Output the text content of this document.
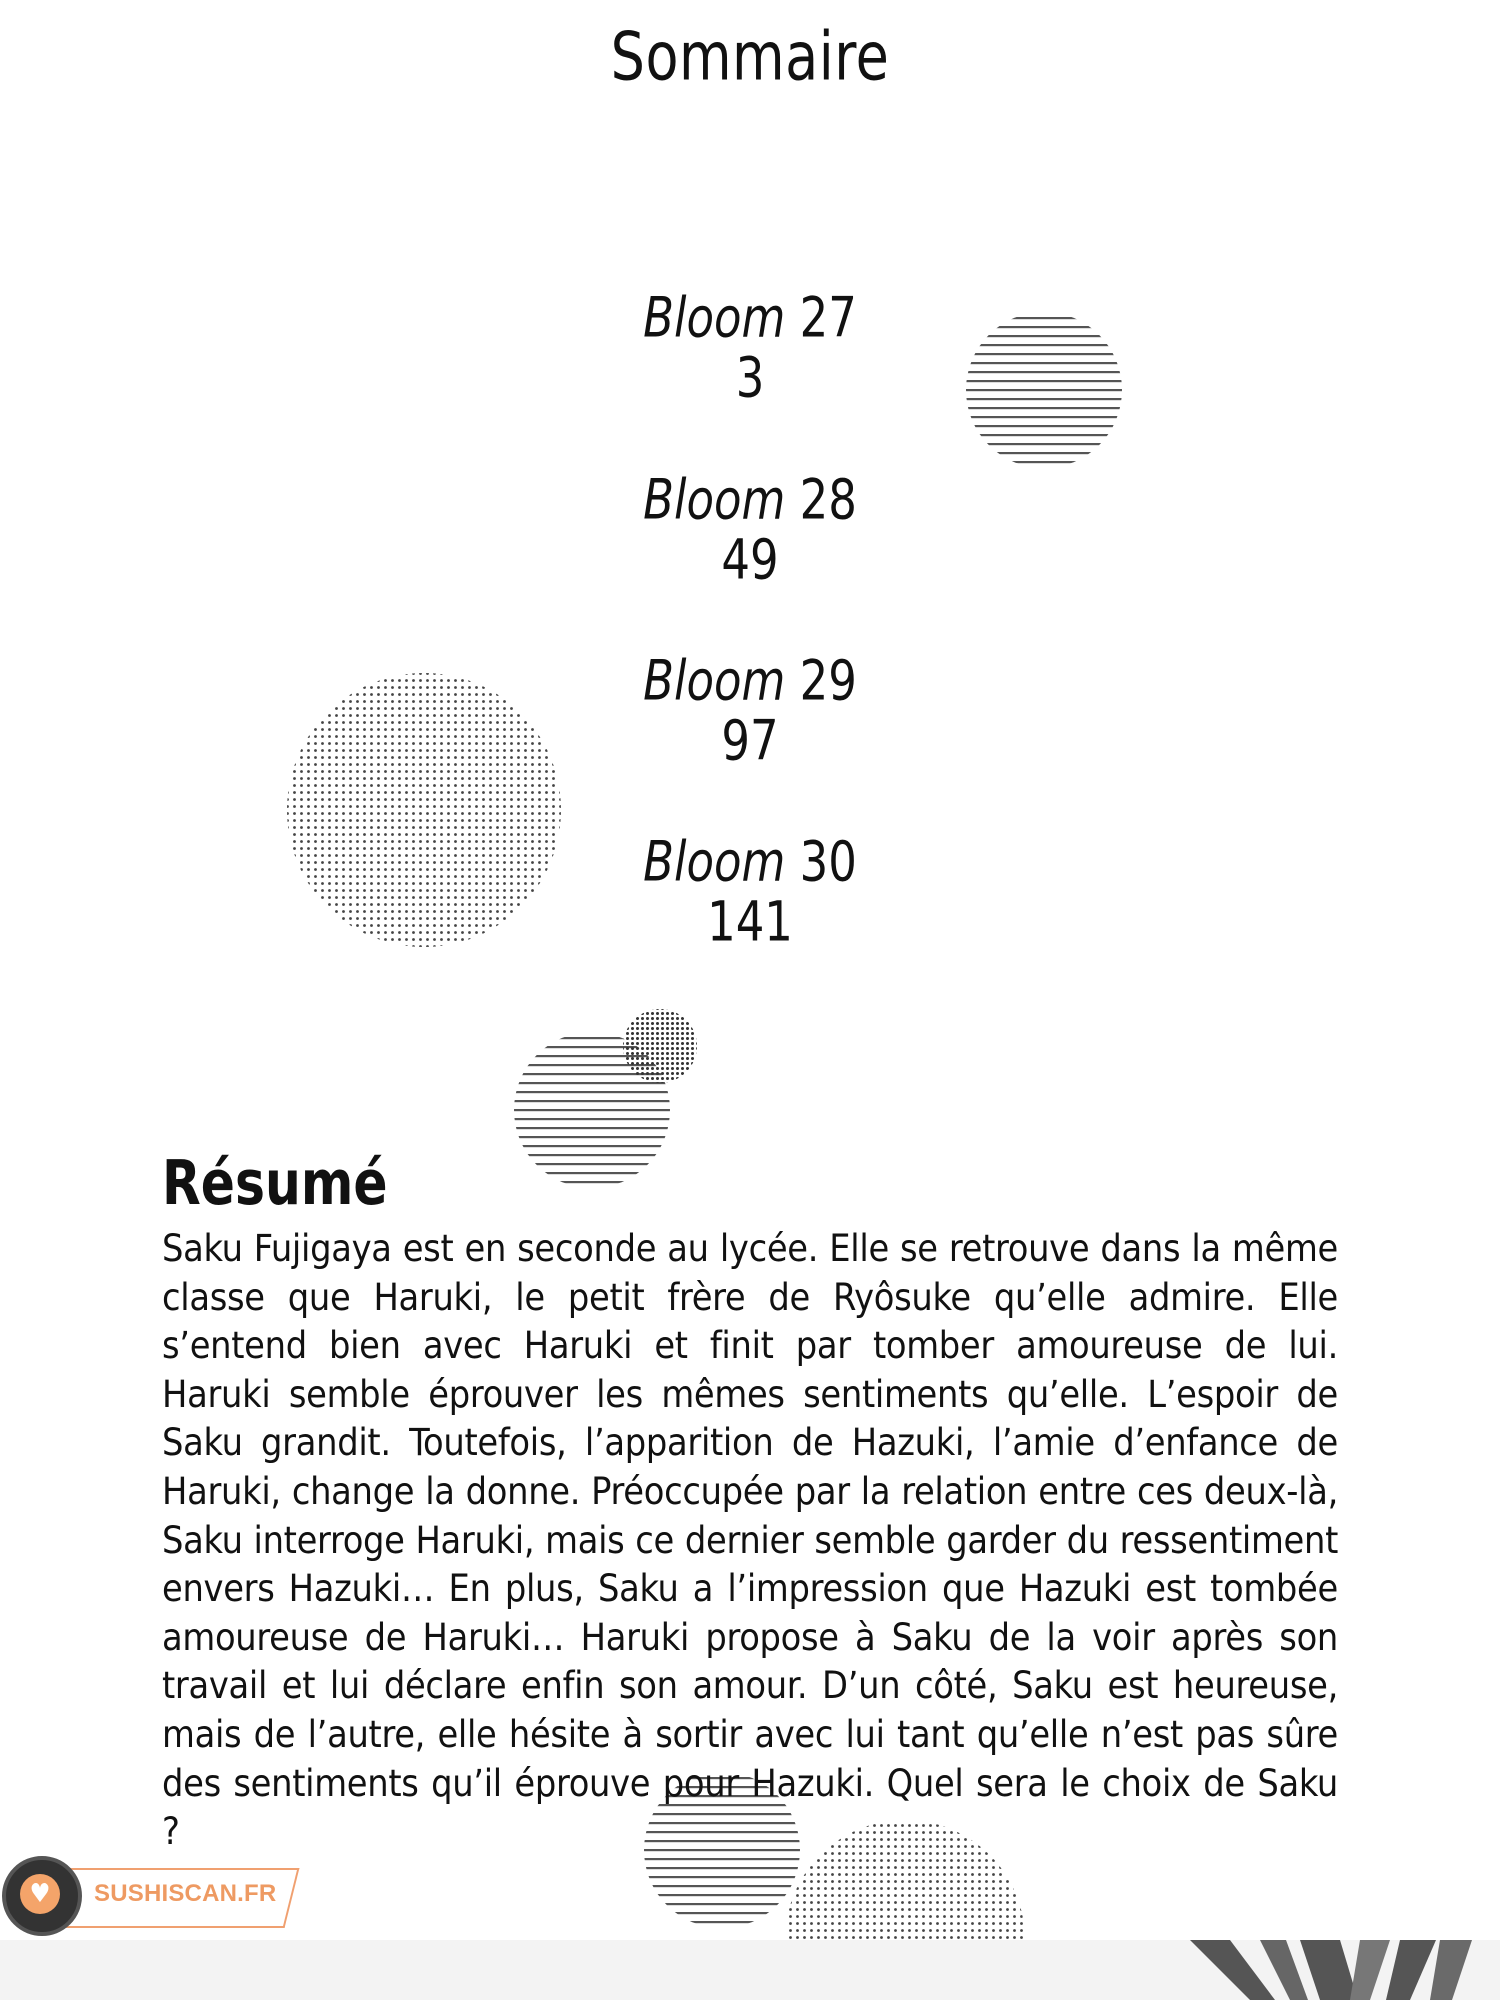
Sommaire
Bloom 27
3
Bloom 28
49
Bloom 29
97
Bloom 30
141
Résumé
Saku Fujigaya est en seconde au lycée. Elle se retrouve dans la même classe que Haruki, le petit frère de Ryôsuke qu’elle admire. Elle s’entend bien avec Haruki et finit par tomber amoureuse de lui. Haruki semble éprouver les mêmes sentiments qu’elle. L’espoir de Saku grandit. Toutefois, l’apparition de Hazuki, l’amie d’enfance de Haruki, change la donne. Préoccupée par la relation entre ces deux-là, Saku interroge Haruki, mais ce dernier semble garder du ressentiment envers Hazuki… En plus, Saku a l’impression que Hazuki est tombée amoureuse de Haruki… Haruki propose à Saku de la voir après son travail et lui déclare enfin son amour. D’un côté, Saku est heureuse, mais de l’autre, elle hésite à sortir avec lui tant qu’elle n’est pas sûre des sentiments qu’il éprouve pour Hazuki. Quel sera le choix de Saku ?
♥	SUSHISCAN.FR
